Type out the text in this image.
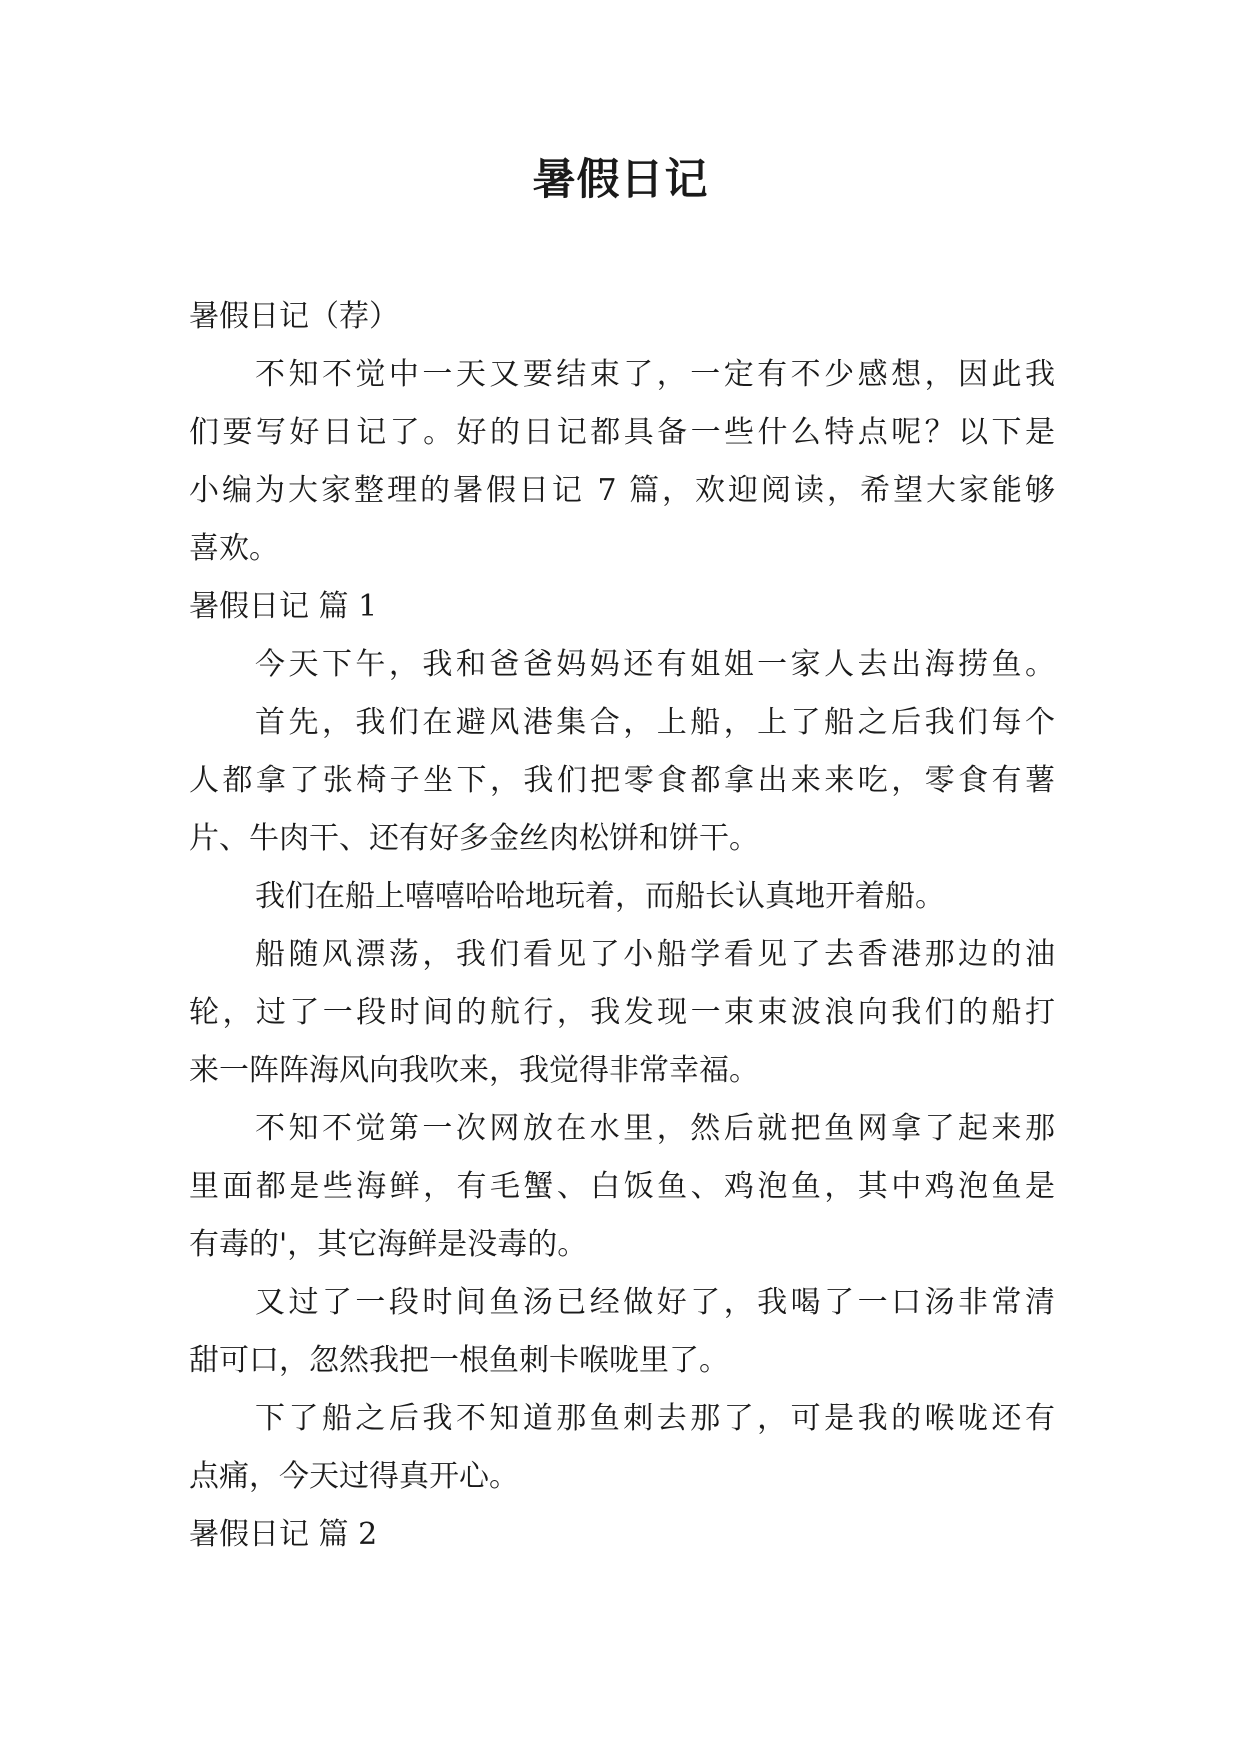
暑假日记

暑假日记（荐）

不知不觉中一天又要结束了，一定有不少感想，因此我

们要写好日记了。好的日记都具备一些什么特点呢？以下是

小编为大家整理的暑假日记 7 篇，欢迎阅读，希望大家能够

喜欢。

暑假日记 篇 1

今天下午，我和爸爸妈妈还有姐姐一家人去出海捞鱼。

首先，我们在避风港集合，上船，上了船之后我们每个

人都拿了张椅子坐下，我们把零食都拿出来来吃，零食有薯

片、牛肉干、还有好多金丝肉松饼和饼干。

我们在船上嘻嘻哈哈地玩着，而船长认真地开着船。

船随风漂荡，我们看见了小船学看见了去香港那边的油

轮，过了一段时间的航行，我发现一束束波浪向我们的船打

来一阵阵海风向我吹来，我觉得非常幸福。

不知不觉第一次网放在水里，然后就把鱼网拿了起来那

里面都是些海鲜，有毛蟹、白饭鱼、鸡泡鱼，其中鸡泡鱼是

有毒的'，其它海鲜是没毒的。

又过了一段时间鱼汤已经做好了，我喝了一口汤非常清

甜可口，忽然我把一根鱼刺卡喉咙里了。

下了船之后我不知道那鱼刺去那了，可是我的喉咙还有

点痛，今天过得真开心。

暑假日记 篇 2
